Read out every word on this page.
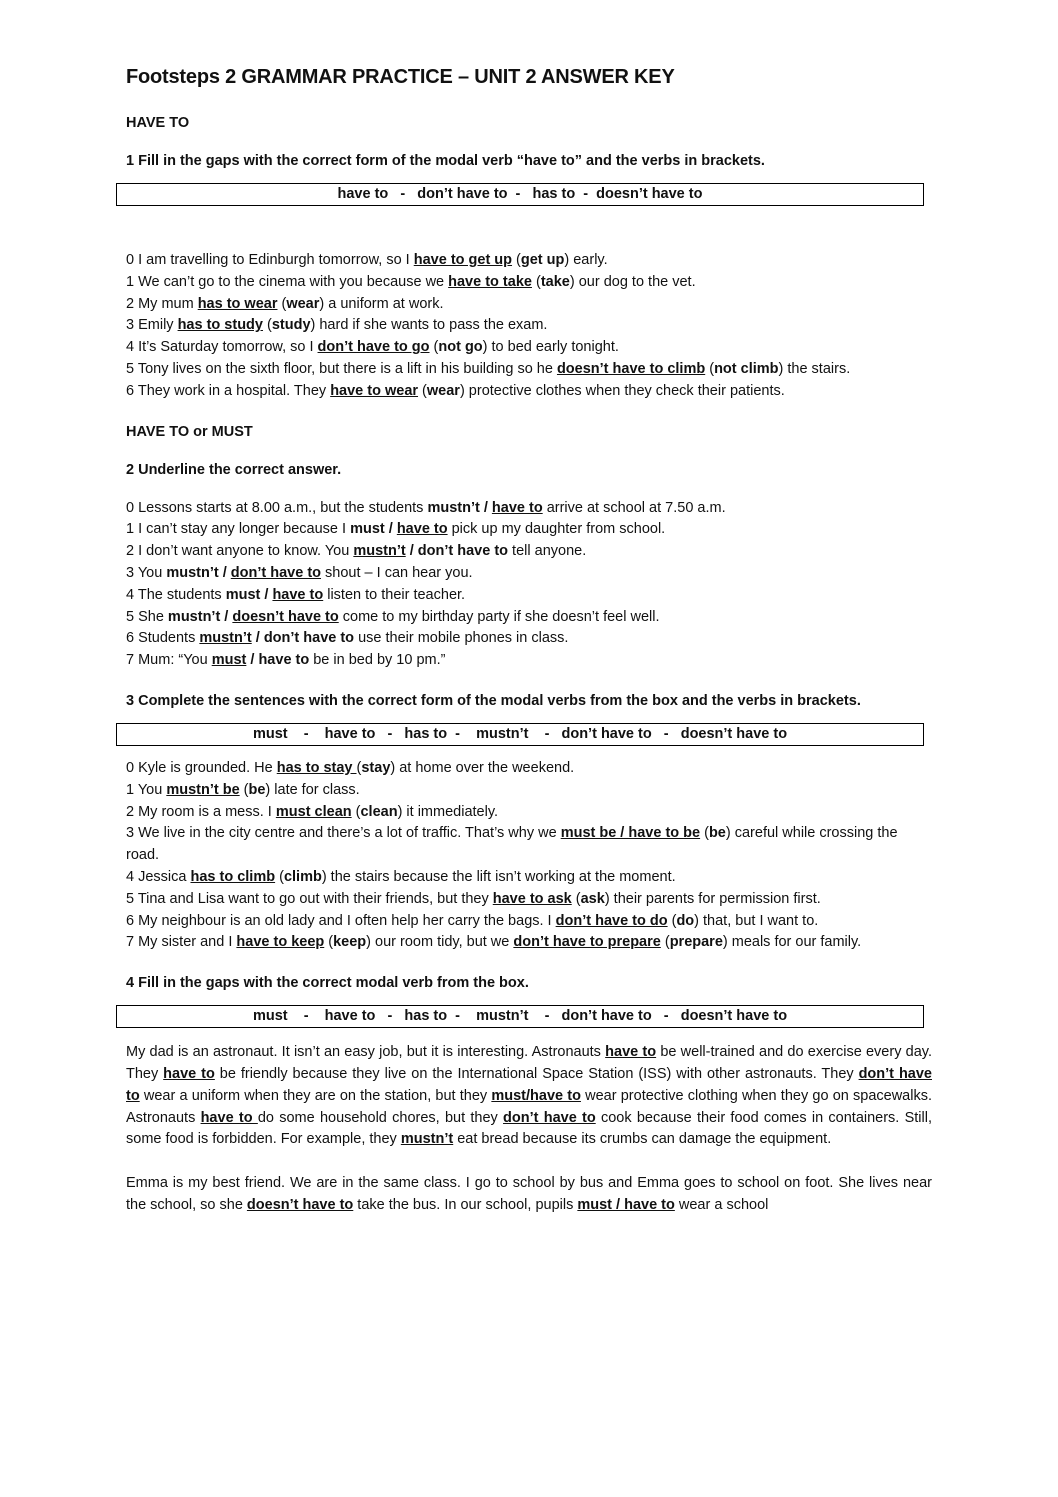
Footsteps 2 GRAMMAR PRACTICE – UNIT 2 ANSWER KEY

HAVE TO

1 Fill in the gaps with the correct form of the modal verb “have to” and the verbs in brackets.

have to   -   don’t have to  -   has to  -  doesn’t have to

0 I am travelling to Edinburgh tomorrow, so I have to get up (get up) early.

1 We can’t go to the cinema with you because we have to take (take) our dog to the vet.

2 My mum has to wear (wear) a uniform at work.

3 Emily has to study (study) hard if she wants to pass the exam.

4 It’s Saturday tomorrow, so I don’t have to go (not go) to bed early tonight.

5 Tony lives on the sixth floor, but there is a lift in his building so he doesn’t have to climb (not climb) the stairs.

6 They work in a hospital. They have to wear (wear) protective clothes when they check their patients.

HAVE TO or MUST

2 Underline the correct answer.

0 Lessons starts at 8.00 a.m., but the students mustn’t / have to arrive at school at 7.50 a.m.

1 I can’t stay any longer because I must / have to pick up my daughter from school.

2 I don’t want anyone to know. You mustn’t / don’t have to tell anyone.

3 You mustn’t / don’t have to shout – I can hear you.

4 The students must / have to listen to their teacher.

5 She mustn’t / doesn’t have to come to my birthday party if she doesn’t feel well.

6 Students mustn’t / don’t have to use their mobile phones in class.

7 Mum: “You must / have to be in bed by 10 pm.”

3 Complete the sentences with the correct form of the modal verbs from the box and the verbs in brackets.

must    -    have to   -   has to  -    mustn’t    -   don’t have to   -   doesn’t have to

0 Kyle is grounded. He has to stay (stay) at home over the weekend.

1 You mustn’t be (be) late for class.

2 My room is a mess. I must clean (clean) it immediately.

3 We live in the city centre and there’s a lot of traffic. That’s why we must be / have to be (be) careful while crossing the road.

4 Jessica has to climb (climb) the stairs because the lift isn’t working at the moment.

5 Tina and Lisa want to go out with their friends, but they have to ask (ask) their parents for permission first.

6 My neighbour is an old lady and I often help her carry the bags. I don’t have to do (do) that, but I want to.

7 My sister and I have to keep (keep) our room tidy, but we don’t have to prepare (prepare) meals for our family.

4 Fill in the gaps with the correct modal verb from the box.

must    -    have to   -   has to  -    mustn’t    -   don’t have to   -   doesn’t have to

My dad is an astronaut. It isn’t an easy job, but it is interesting. Astronauts have to be well-trained and do exercise every day. They have to be friendly because they live on the International Space Station (ISS) with other astronauts. They don’t have to wear a uniform when they are on the station, but they must/have to wear protective clothing when they go on spacewalks. Astronauts have to do some household chores, but they don’t have to cook because their food comes in containers. Still, some food is forbidden. For example, they mustn’t eat bread because its crumbs can damage the equipment.

Emma is my best friend. We are in the same class. I go to school by bus and Emma goes to school on foot. She lives near the school, so she doesn’t have to take the bus. In our school, pupils must / have to wear a school
